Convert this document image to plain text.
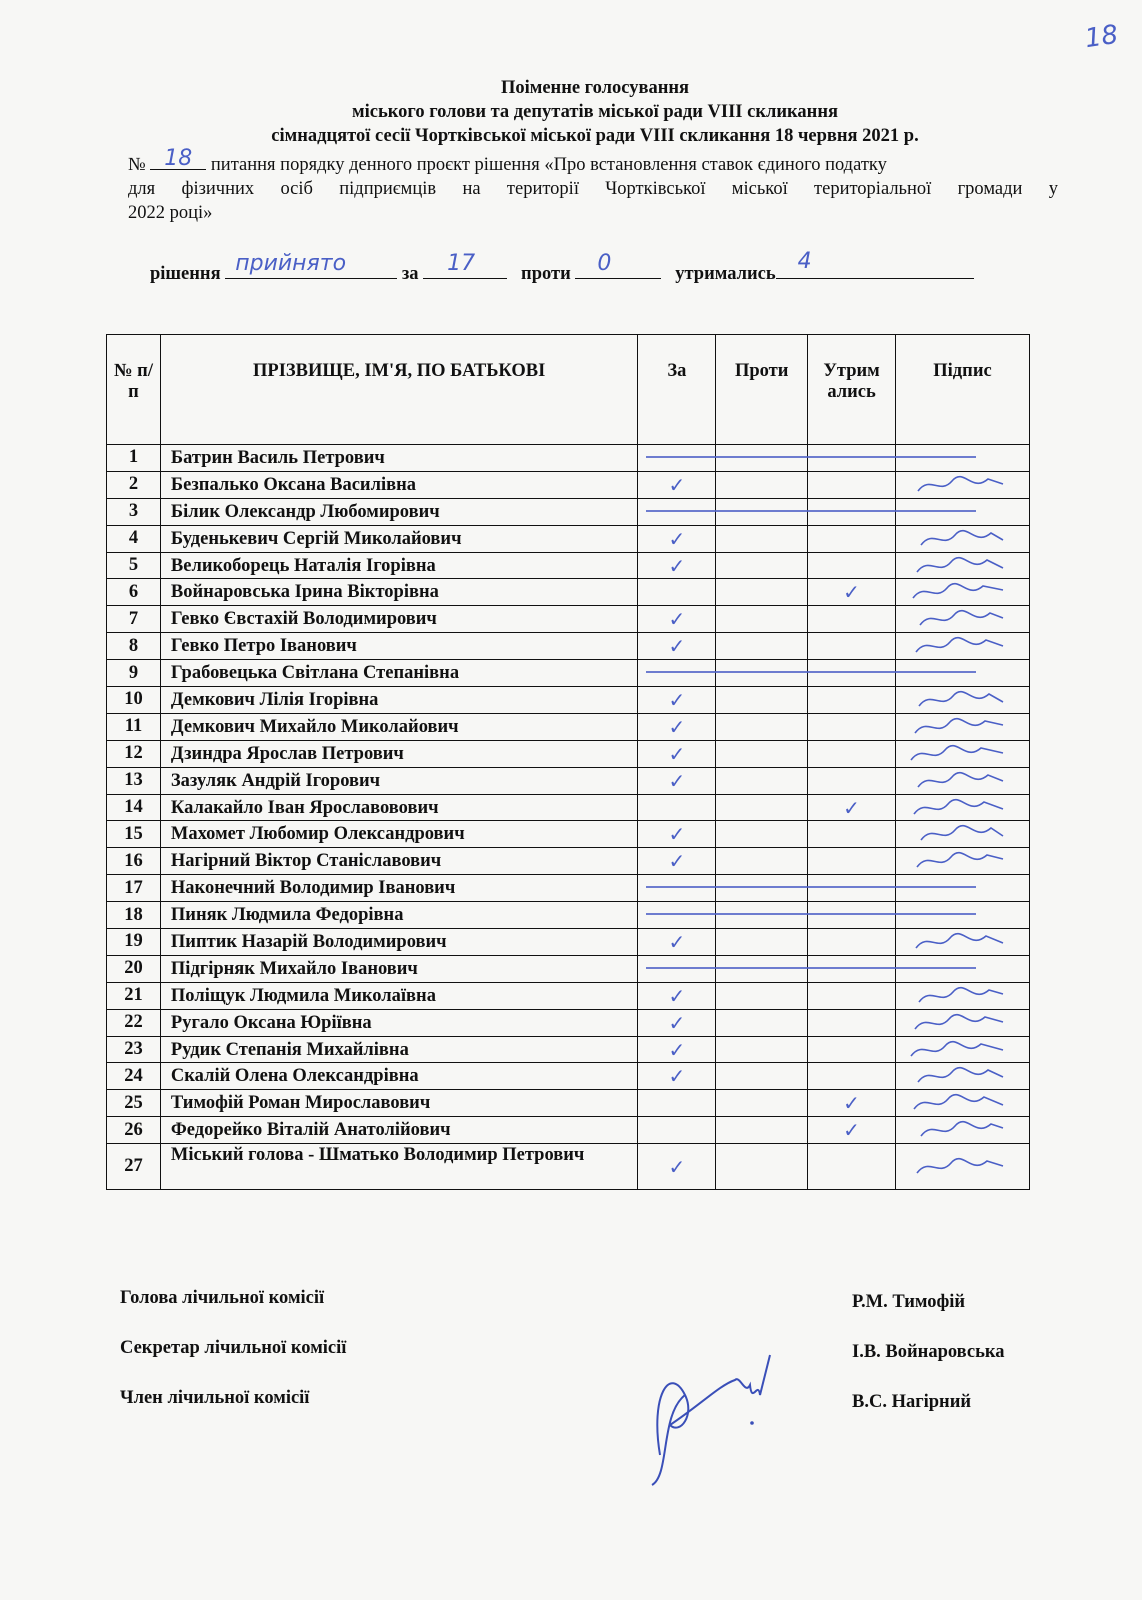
18
Поіменне голосування
міського голови та депутатів міської ради VIII скликання
сімнадцятої сесії Чортківської міської ради VIII скликання 18 червня 2021 р.
№ 18 питання порядку денного проєкт рішення «Про встановлення ставок єдиного податку
для фізичних осіб підприємців на території Чортківської міської територіальної громади у
2022 році»
рішення прийнято	за 17 проти 0	утримались 4
№ п/п	ПРІЗВИЩЕ, ІМ'Я, ПО БАТЬКОВІ	За	Проти	Утримались	Підпис
1	Батрин Василь Петрович				
2	Безпалько Оксана Василівна	✓

3	Білик Олександр Любомирович				
4	Буденькевич Сергій Миколайович	✓

5	Великоборець Наталія Ігорівна	✓

6	Войнаровська Ірина Вікторівна			✓

7	Гевко Євстахій Володимирович	✓

8	Гевко Петро Іванович	✓

9	Грабовецька Світлана Степанівна				
10	Демкович Лілія Ігорівна	✓

11	Демкович Михайло Миколайович	✓

12	Дзиндра Ярослав Петрович	✓

13	Зазуляк Андрій Ігорович	✓

14	Калакайло Іван Ярославовович			✓

15	Махомет Любомир Олександрович	✓

16	Нагірний Віктор Станіславович	✓

17	Наконечний Володимир Іванович				
18	Пиняк Людмила Федорівна				
19	Пиптик Назарій Володимирович	✓

20	Підгірняк Михайло Іванович				
21	Поліщук Людмила Миколаївна	✓

22	Ругало Оксана Юріївна	✓

23	Рудик Степанія Михайлівна	✓

24	Скалій Олена Олександрівна	✓

25	Тимофій Роман Мирославович			✓

26	Федорейко Віталій Анатолійович			✓

27	Міський голова - Шматько Володимир Петрович	✓

Голова лічильної комісії	Р.М. Тимофій
Секретар лічильної комісії	І.В. Войнаровська
Член лічильної комісії	В.С. Нагірний
